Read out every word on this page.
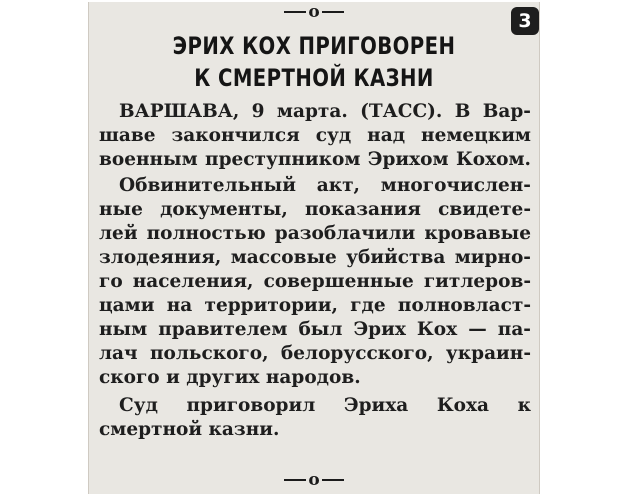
o
ЭРИХ КОХ ПРИГОВОРЕН
К СМЕРТНОЙ КАЗНИ
ВАРШАВА, 9 марта. (ТАСС). В Вар-
шаве закончился суд над немецким
военным преступником Эрихом Кохом.
Обвинительный акт, многочислен-
ные документы, показания свидете-
лей полностью разоблачили кровавые
злодеяния, массовые убийства мирно-
го населения, совершенные гитлеров-
цами на территории, где полновласт-
ным правителем был Эрих Кох — па-
лач польского, белорусского, украин-
ского и других народов.
Суд приговорил Эриха Коха к
смертной казни.
o
3
